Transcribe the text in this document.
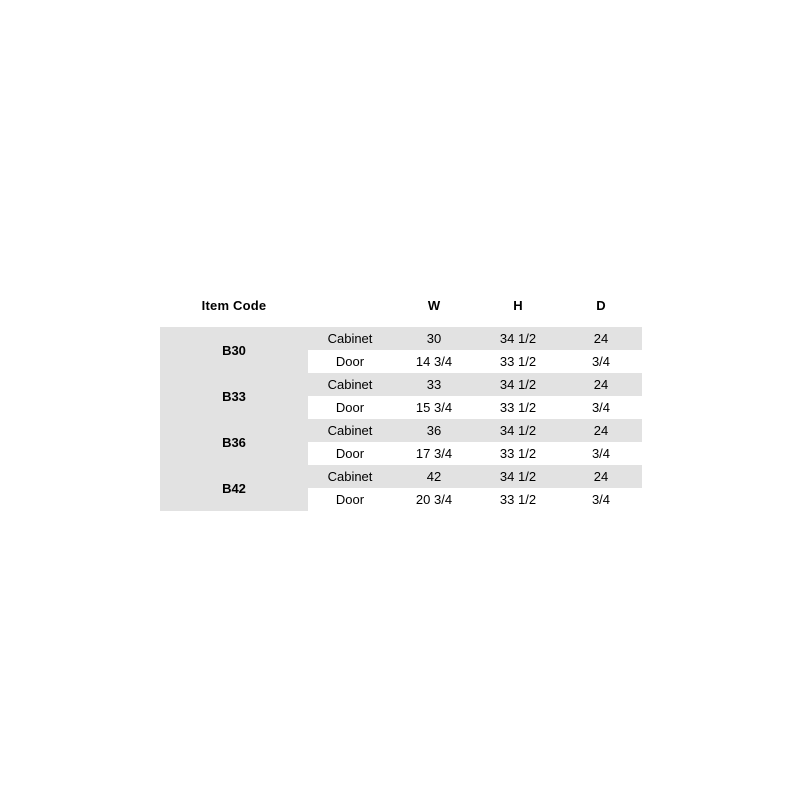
Item Code		W	H	D
B30	Cabinet	30	34 1/2	24
	Door	14 3/4	33 1/2	3/4
B33	Cabinet	33	34 1/2	24
	Door	15 3/4	33 1/2	3/4
B36	Cabinet	36	34 1/2	24
	Door	17 3/4	33 1/2	3/4
B42	Cabinet	42	34 1/2	24
	Door	20 3/4	33 1/2	3/4
